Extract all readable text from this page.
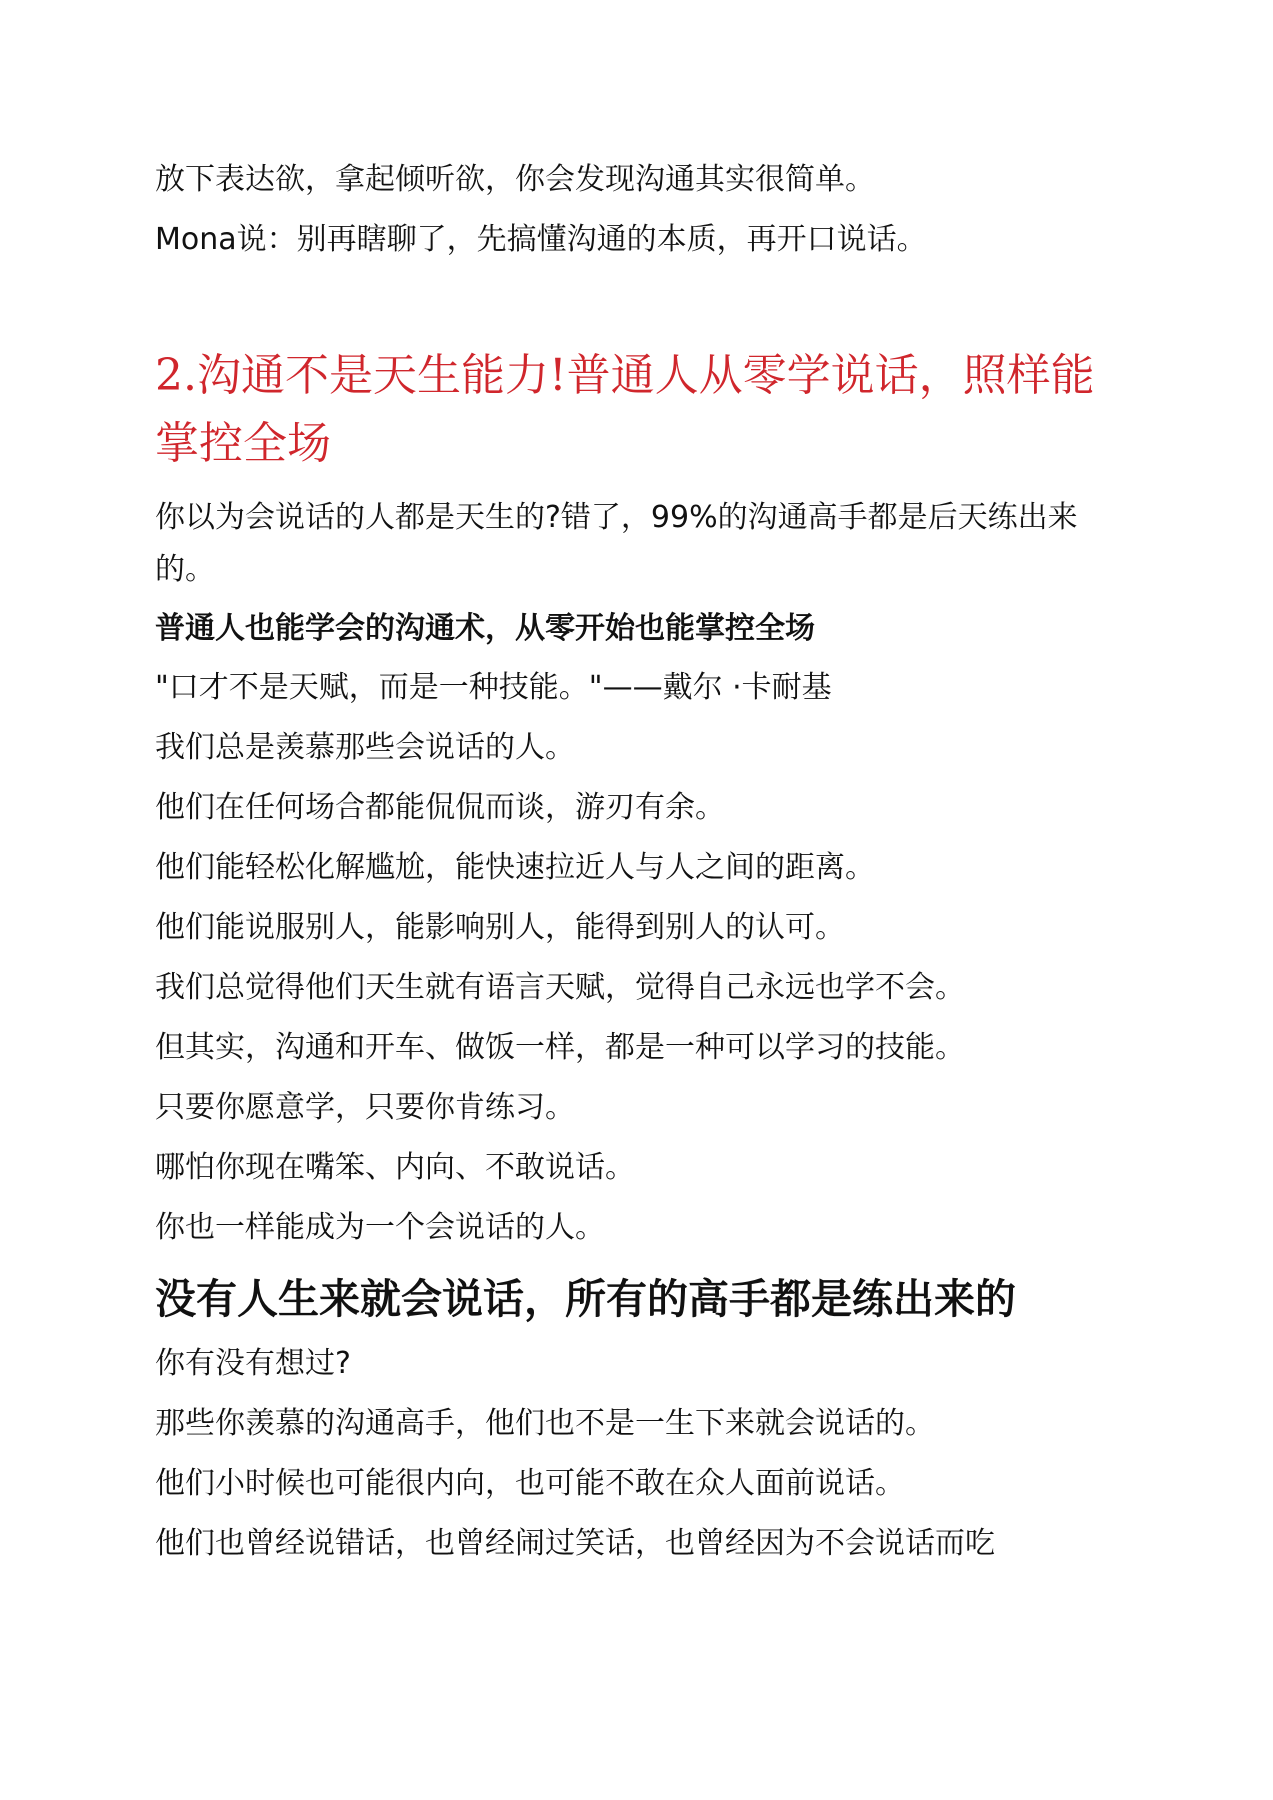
放下表达欲，拿起倾听欲，你会发现沟通其实很简单。

Mona说：别再瞎聊了，先搞懂沟通的本质，再开口说话。

2.沟通不是天生能力!普通人从零学说话，照样能掌控全场

你以为会说话的人都是天生的?错了，99%的沟通高手都是后天练出来的。

普通人也能学会的沟通术，从零开始也能掌控全场

"口才不是天赋，而是一种技能。"——戴尔 ·卡耐基

我们总是羡慕那些会说话的人。

他们在任何场合都能侃侃而谈，游刃有余。

他们能轻松化解尴尬，能快速拉近人与人之间的距离。

他们能说服别人，能影响别人，能得到别人的认可。

我们总觉得他们天生就有语言天赋，觉得自己永远也学不会。

但其实，沟通和开车、做饭一样，都是一种可以学习的技能。

只要你愿意学，只要你肯练习。

哪怕你现在嘴笨、内向、不敢说话。

你也一样能成为一个会说话的人。

没有人生来就会说话，所有的高手都是练出来的

你有没有想过?

那些你羡慕的沟通高手，他们也不是一生下来就会说话的。

他们小时候也可能很内向，也可能不敢在众人面前说话。

他们也曾经说错话，也曾经闹过笑话，也曾经因为不会说话而吃
